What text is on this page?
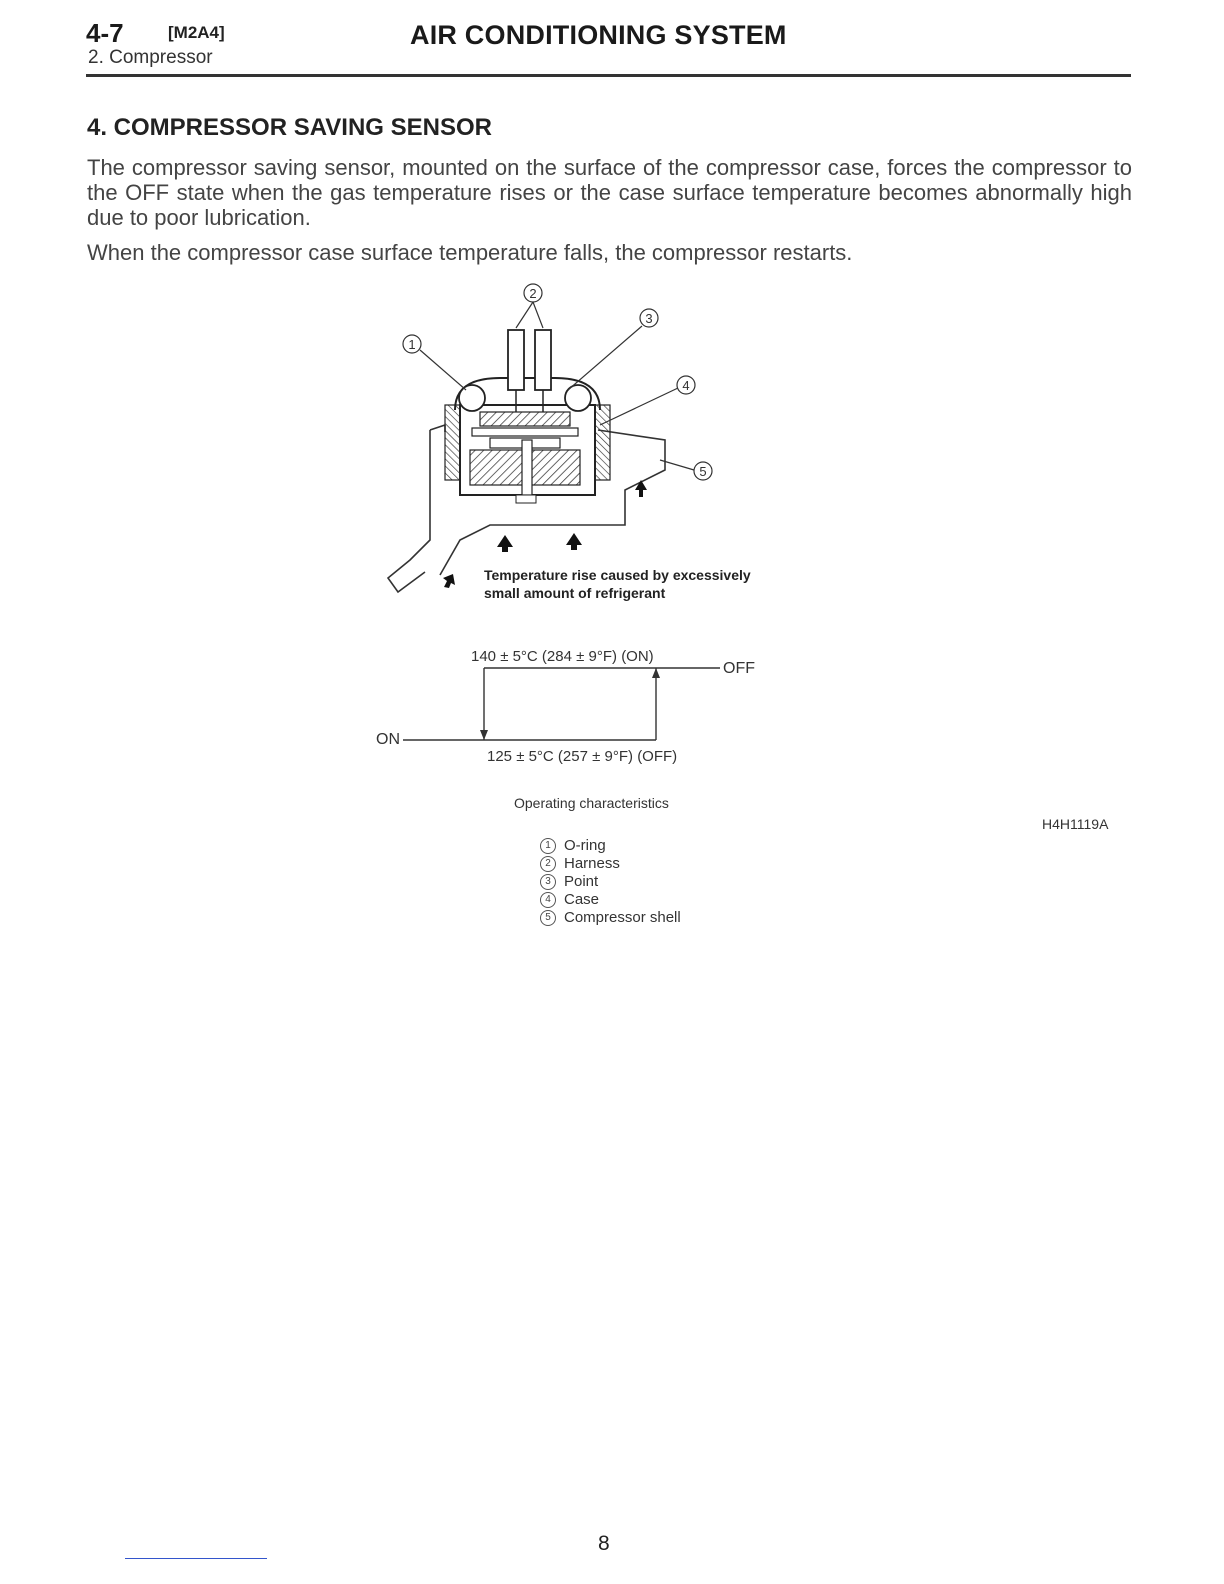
4-7	[M2A4]
2. Compressor
AIR CONDITIONING SYSTEM
4. COMPRESSOR SAVING SENSOR

The compressor saving sensor, mounted on the surface of the compressor case, forces the compressor to the OFF state when the gas temperature rises or the case surface temperature becomes abnormally high due to poor lubrication.

When the compressor case surface temperature falls, the compressor restarts.

1
2
3
4
5
Temperature rise caused by excessively
small amount of refrigerant
140 ± 5°C (284 ± 9°F) (ON)
OFF
ON
125 ± 5°C (257 ± 9°F) (OFF)
Operating characteristics
H4H1119A
1 O-ring
2 Harness
3 Point
4 Case
5 Compressor shell
8
